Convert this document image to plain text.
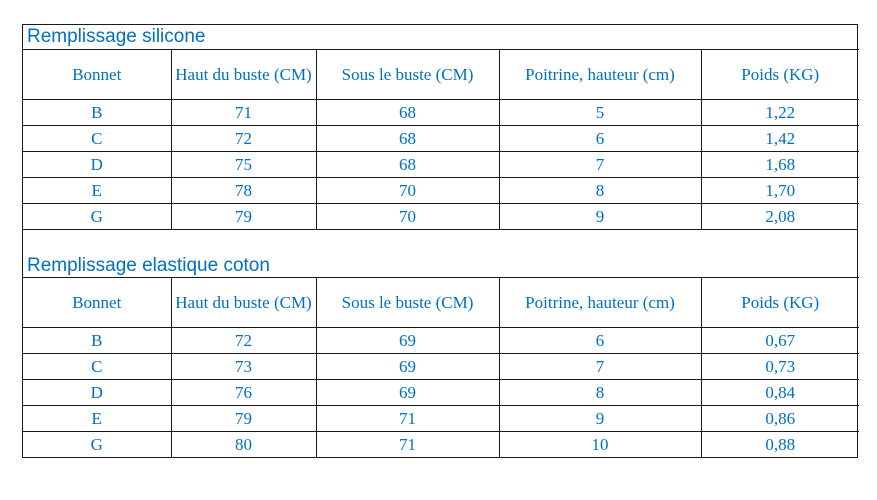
Remplissage silicone
Bonnet	Haut du buste (CM)	Sous le buste (CM)	Poitrine, hauteur (cm)	Poids (KG)
B	71	68	5	1,22
C	72	68	6	1,42
D	75	68	7	1,68
E	78	70	8	1,70
G	79	70	9	2,08
Remplissage elastique coton
Bonnet	Haut du buste (CM)	Sous le buste (CM)	Poitrine, hauteur (cm)	Poids (KG)
B	72	69	6	0,67
C	73	69	7	0,73
D	76	69	8	0,84
E	79	71	9	0,86
G	80	71	10	0,88
